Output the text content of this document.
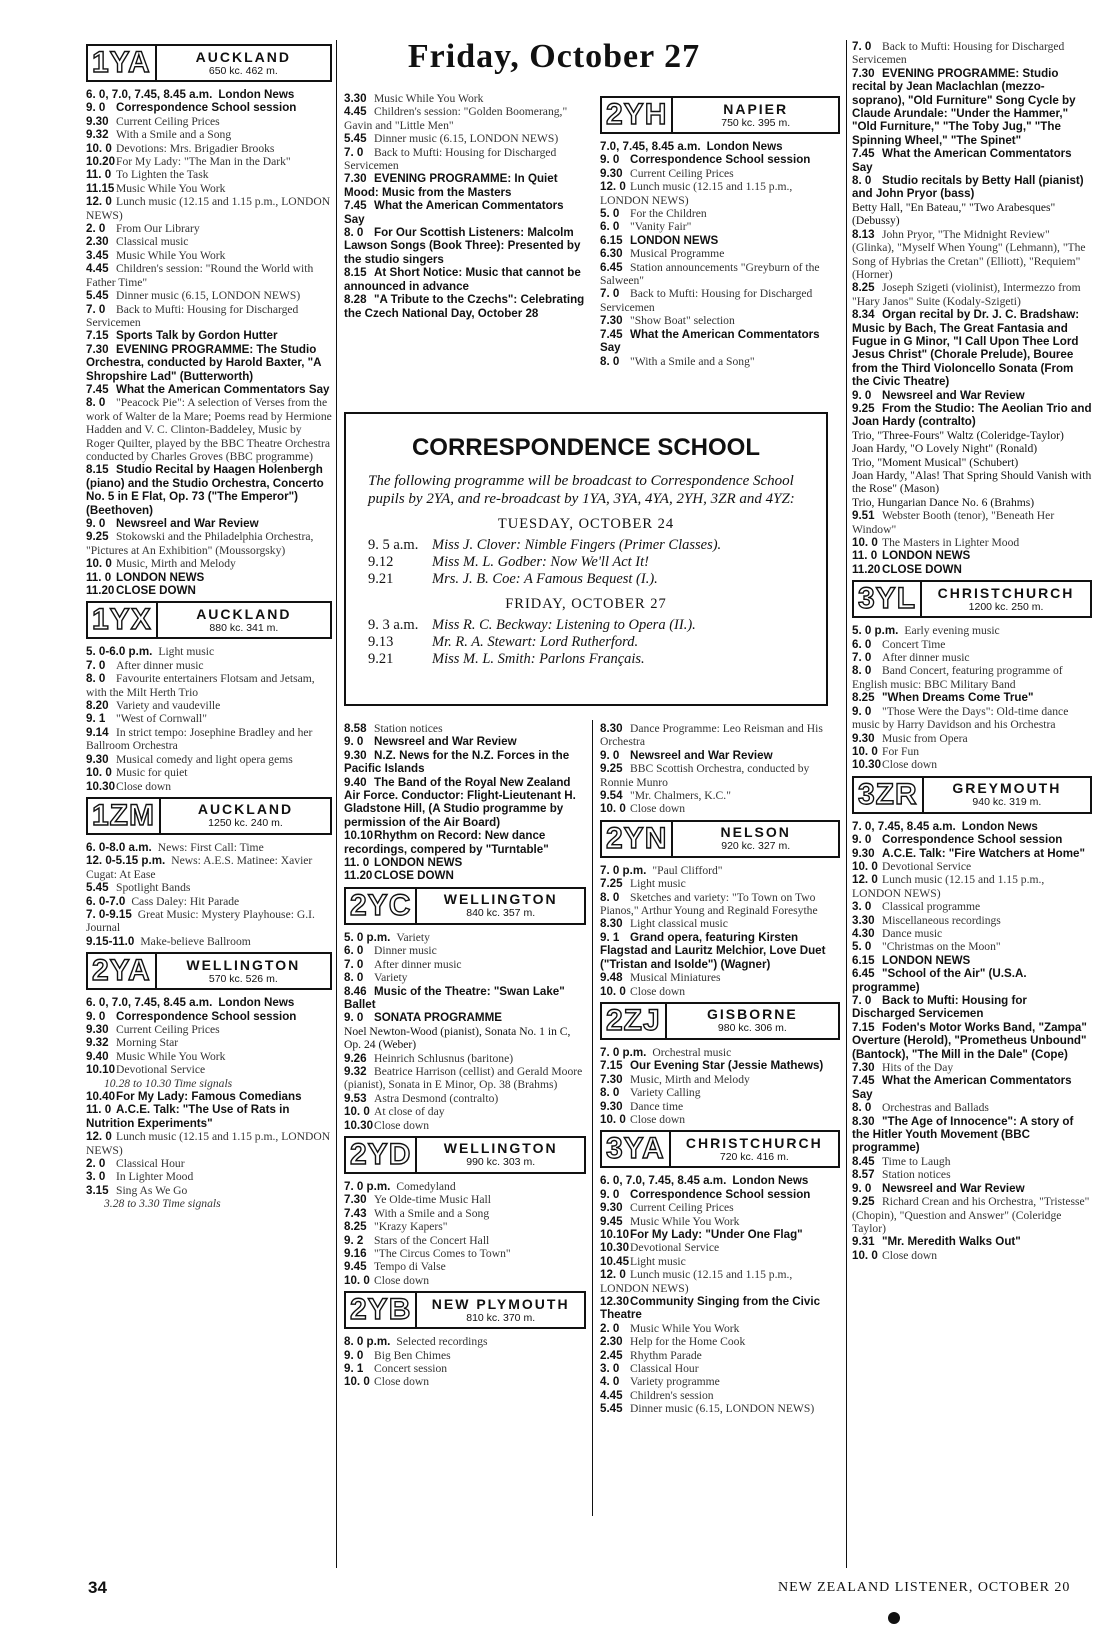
Friday, October 27
1YA	AUCKLAND
650 kc. 462 m.
6. 0, 7.0, 7.45, 8.45 a.m. London News
9. 0 Correspondence School session
9.30 Current Ceiling Prices
9.32 With a Smile and a Song
10. 0 Devotions: Mrs. Brigadier Brooks
10.20For My Lady: "The Man in the Dark"
11. 0 To Lighten the Task
11.15 Music While You Work
12. 0 Lunch music (12.15 and 1.15 p.m., LONDON NEWS)
2. 0 From Our Library
2.30 Classical music
3.45 Music While You Work
4.45 Children's session: "Round the World with Father Time"
5.45 Dinner music (6.15, LONDON NEWS)
7. 0 Back to Mufti: Housing for Discharged Servicemen
7.15 Sports Talk by Gordon Hutter
7.30 EVENING PROGRAMME: The Studio Orchestra, conducted by Harold Baxter, "A Shropshire Lad" (Butterworth)
7.45 What the American Commentators Say
8. 0 "Peacock Pie": A selection of Verses from the work of Walter de la Mare; Poems read by Hermione Hadden and V. C. Clinton-Baddeley, Music by Roger Quilter, played by the BBC Theatre Orchestra conducted by Charles Groves (BBC programme)
8.15 Studio Recital by Haagen Holenbergh (piano) and the Studio Orchestra, Concerto No. 5 in E Flat, Op. 73 ("The Emperor") (Beethoven)
9. 0 Newsreel and War Review
9.25 Stokowski and the Philadelphia Orchestra, "Pictures at An Exhibition" (Moussorgsky)
10. 0 Music, Mirth and Melody
11. 0 LONDON NEWS
11.20 CLOSE DOWN
1YX	AUCKLAND
880 kc. 341 m.
5. 0-6.0 p.m. Light music
7. 0 After dinner music
8. 0 Favourite entertainers Flotsam and Jetsam, with the Milt Herth Trio
8.20 Variety and vaudeville
9. 1 "West of Cornwall"
9.14 In strict tempo: Josephine Bradley and her Ballroom Orchestra
9.30 Musical comedy and light opera gems
10. 0 Music for quiet
10.30Close down
1ZM	AUCKLAND
1250 kc. 240 m.
6. 0-8.0 a.m. News: First Call: Time
12. 0-5.15 p.m. News: A.E.S. Matinee: Xavier Cugat: At Ease
5.45 Spotlight Bands
6. 0-7.0 Cass Daley: Hit Parade
7. 0-9.15 Great Music: Mystery Playhouse: G.I. Journal
9.15-11.0 Make-believe Ballroom
2YA	WELLINGTON
570 kc. 526 m.
6. 0, 7.0, 7.45, 8.45 a.m. London News
9. 0 Correspondence School session
9.30 Current Ceiling Prices
9.32 Morning Star
9.40 Music While You Work
10.10Devotional Service
10.28 to 10.30 Time signals
10.40For My Lady: Famous Comedians
11. 0 A.C.E. Talk: "The Use of Rats in Nutrition Experiments"
12. 0 Lunch music (12.15 and 1.15 p.m., LONDON NEWS)
2. 0 Classical Hour
3. 0 In Lighter Mood
3.15 Sing As We Go
3.28 to 3.30 Time signals
3.30 Music While You Work
4.45 Children's session: "Golden Boomerang," Gavin and "Little Men"
5.45 Dinner music (6.15, LONDON NEWS)
7. 0 Back to Mufti: Housing for Discharged Servicemen
7.30 EVENING PROGRAMME: In Quiet Mood: Music from the Masters
7.45 What the American Commentators Say
8. 0 For Our Scottish Listeners: Malcolm Lawson Songs (Book Three): Presented by the studio singers
8.15 At Short Notice: Music that cannot be announced in advance
8.28 "A Tribute to the Czechs": Celebrating the Czech National Day, October 28
2YH	NAPIER
750 kc. 395 m.
7.0, 7.45, 8.45 a.m. London News
9. 0 Correspondence School session
9.30 Current Ceiling Prices
12. 0 Lunch music (12.15 and 1.15 p.m., LONDON NEWS)
5. 0 For the Children
6. 0 "Vanity Fair"
6.15 LONDON NEWS
6.30 Musical Programme
6.45 Station announcements "Greyburn of the Salween"
7. 0 Back to Mufti: Housing for Discharged Servicemen
7.30 "Show Boat" selection
7.45 What the American Commentators Say
8. 0 "With a Smile and a Song"
CORRESPONDENCE SCHOOL
The following programme will be broadcast to Correspondence School pupils by 2YA, and re-broadcast by 1YA, 3YA, 4YA, 2YH, 3ZR and 4YZ:
TUESDAY, OCTOBER 24
9. 5 a.m. Miss J. Clover: Nimble Fingers (Primer Classes).
9.12	Miss M. L. Godber: Now We'll Act It!
9.21	Mrs. J. B. Coe: A Famous Bequest (I.).
FRIDAY, OCTOBER 27
9. 3 a.m. Miss R. C. Beckway: Listening to Opera (II.).
9.13	Mr. R. A. Stewart: Lord Rutherford.
9.21	Miss M. L. Smith: Parlons Français.
8.58 Station notices
9. 0 Newsreel and War Review
9.30 N.Z. News for the N.Z. Forces in the Pacific Islands
9.40 The Band of the Royal New Zealand Air Force. Conductor: Flight-Lieutenant H. Gladstone Hill, (A Studio programme by permission of the Air Board)
10.10Rhythm on Record: New dance recordings, compered by "Turntable"
11. 0 LONDON NEWS
11.20 CLOSE DOWN
2YC	WELLINGTON
840 kc. 357 m.
5. 0 p.m. Variety
6. 0 Dinner music
7. 0 After dinner music
8. 0 Variety
8.46 Music of the Theatre: "Swan Lake" Ballet
9. 0 SONATA PROGRAMME
Noel Newton-Wood (pianist), Sonata No. 1 in C, Op. 24 (Weber)
9.26 Heinrich Schlusnus (baritone)
9.32 Beatrice Harrison (cellist) and Gerald Moore (pianist), Sonata in E Minor, Op. 38 (Brahms)
9.53 Astra Desmond (contralto)
10. 0 At close of day
10.30Close down
2YD	WELLINGTON
990 kc. 303 m.
7. 0 p.m. Comedyland
7.30 Ye Olde-time Music Hall
7.43 With a Smile and a Song
8.25 "Krazy Kapers"
9. 2 Stars of the Concert Hall
9.16 "The Circus Comes to Town"
9.45 Tempo di Valse
10. 0 Close down
2YB	NEW PLYMOUTH
810 kc. 370 m.
8. 0 p.m. Selected recordings
9. 0 Big Ben Chimes
9. 1 Concert session
10. 0 Close down
8.30 Dance Programme: Leo Reisman and His Orchestra
9. 0 Newsreel and War Review
9.25 BBC Scottish Orchestra, conducted by Ronnie Munro
9.54 "Mr. Chalmers, K.C."
10. 0 Close down
2YN	NELSON
920 kc. 327 m.
7. 0 p.m. "Paul Clifford"
7.25 Light music
8. 0 Sketches and variety: "To Town on Two Pianos," Arthur Young and Reginald Foresythe
8.30 Light classical music
9. 1 Grand opera, featuring Kirsten Flagstad and Lauritz Melchior, Love Duet ("Tristan and Isolde") (Wagner)
9.48 Musical Miniatures
10. 0 Close down
2ZJ	GISBORNE
980 kc. 306 m.
7. 0 p.m. Orchestral music
7.15 Our Evening Star (Jessie Mathews)
7.30 Music, Mirth and Melody
8. 0 Variety Calling
9.30 Dance time
10. 0 Close down
3YA	CHRISTCHURCH
720 kc. 416 m.
6. 0, 7.0, 7.45, 8.45 a.m. London News
9. 0 Correspondence School session
9.30 Current Ceiling Prices
9.45 Music While You Work
10.10For My Lady: "Under One Flag"
10.30Devotional Service
10.45Light music
12. 0 Lunch music (12.15 and 1.15 p.m., LONDON NEWS)
12.30Community Singing from the Civic Theatre
2. 0 Music While You Work
2.30 Help for the Home Cook
2.45 Rhythm Parade
3. 0 Classical Hour
4. 0 Variety programme
4.45 Children's session
5.45 Dinner music (6.15, LONDON NEWS)
7. 0 Back to Mufti: Housing for Discharged Servicemen
7.30 EVENING PROGRAMME: Studio recital by Jean Maclachlan (mezzo-soprano), "Old Furniture" Song Cycle by Claude Arundale: "Under the Hammer," "Old Furniture," "The Toby Jug," "The Spinning Wheel," "The Spinet"
7.45 What the American Commentators Say
8. 0 Studio recitals by Betty Hall (pianist) and John Pryor (bass)
Betty Hall, "En Bateau," "Two Arabesques" (Debussy)
8.13 John Pryor, "The Midnight Review" (Glinka), "Myself When Young" (Lehmann), "The Song of Hybrias the Cretan" (Elliott), "Requiem" (Horner)
8.25 Joseph Szigeti (violinist), Intermezzo from "Hary Janos" Suite (Kodaly-Szigeti)
8.34 Organ recital by Dr. J. C. Bradshaw: Music by Bach, The Great Fantasia and Fugue in G Minor, "I Call Upon Thee Lord Jesus Christ" (Chorale Prelude), Bouree from the Third Violoncello Sonata (From the Civic Theatre)
9. 0 Newsreel and War Review
9.25 From the Studio: The Aeolian Trio and Joan Hardy (contralto)
Trio, "Three-Fours" Waltz (Coleridge-Taylor)
Joan Hardy, "O Lovely Night" (Ronald)
Trio, "Moment Musical" (Schubert)
Joan Hardy, "Alas! That Spring Should Vanish with the Rose" (Mason)
Trio, Hungarian Dance No. 6 (Brahms)
9.51 Webster Booth (tenor), "Beneath Her Window"
10. 0 The Masters in Lighter Mood
11. 0 LONDON NEWS
11.20 CLOSE DOWN
3YL	CHRISTCHURCH
1200 kc. 250 m.
5. 0 p.m. Early evening music
6. 0 Concert Time
7. 0 After dinner music
8. 0 Band Concert, featuring programme of English music: BBC Military Band
8.25 "When Dreams Come True"
9. 0 "Those Were the Days": Old-time dance music by Harry Davidson and his Orchestra
9.30 Music from Opera
10. 0 For Fun
10.30Close down
3ZR	GREYMOUTH
940 kc. 319 m.
7. 0, 7.45, 8.45 a.m. London News
9. 0 Correspondence School session
9.30 A.C.E. Talk: "Fire Watchers at Home"
10. 0 Devotional Service
12. 0 Lunch music (12.15 and 1.15 p.m., LONDON NEWS)
3. 0 Classical programme
3.30 Miscellaneous recordings
4.30 Dance music
5. 0 "Christmas on the Moon"
6.15 LONDON NEWS
6.45 "School of the Air" (U.S.A. programme)
7. 0 Back to Mufti: Housing for Discharged Servicemen
7.15 Foden's Motor Works Band, "Zampa" Overture (Herold), "Prometheus Unbound" (Bantock), "The Mill in the Dale" (Cope)
7.30 Hits of the Day
7.45 What the American Commentators Say
8. 0 Orchestras and Ballads
8.30 "The Age of Innocence": A story of the Hitler Youth Movement (BBC programme)
8.45 Time to Laugh
8.57 Station notices
9. 0 Newsreel and War Review
9.25 Richard Crean and his Orchestra, "Tristesse" (Chopin), "Question and Answer" (Coleridge Taylor)
9.31 "Mr. Meredith Walks Out"
10. 0 Close down
34	NEW ZEALAND LISTENER, OCTOBER 20
